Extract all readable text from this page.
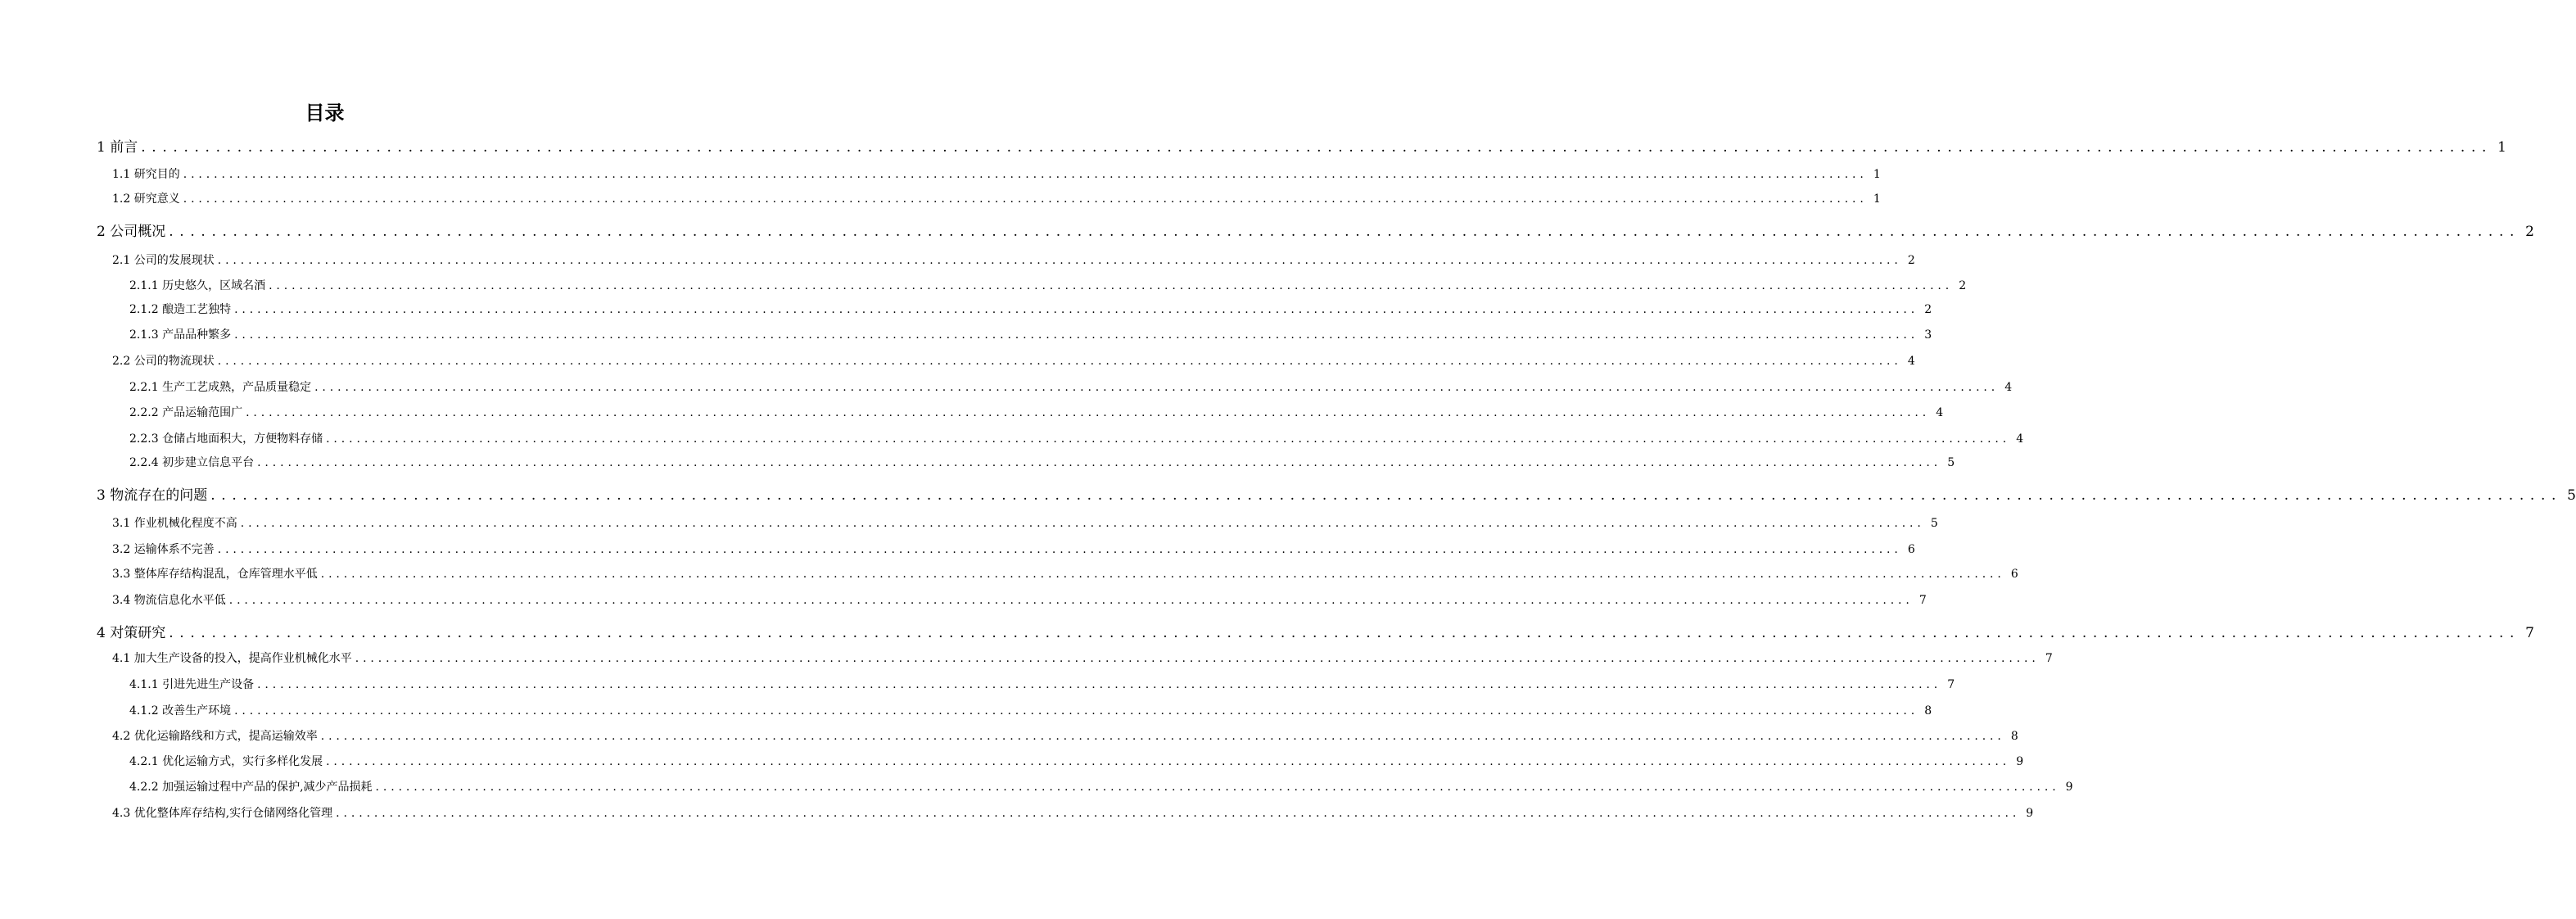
目录
1 前言 ............................................................................................................................................................................................................................ 1
1.1 研究目的 ............................................................................................................................................................................................................................ 1
1.2 研究意义 ............................................................................................................................................................................................................................ 1
2 公司概况 ............................................................................................................................................................................................................................ 2
2.1 公司的发展现状 ............................................................................................................................................................................................................................ 2
2.1.1 历史悠久，区域名酒 ............................................................................................................................................................................................................................ 2
2.1.2 酿造工艺独特 ............................................................................................................................................................................................................................ 2
2.1.3 产品品种繁多 ............................................................................................................................................................................................................................ 3
2.2 公司的物流现状 ............................................................................................................................................................................................................................ 4
2.2.1 生产工艺成熟，产品质量稳定 ............................................................................................................................................................................................................................ 4
2.2.2 产品运输范围广 ............................................................................................................................................................................................................................ 4
2.2.3 仓储占地面积大，方便物料存储 ............................................................................................................................................................................................................................ 4
2.2.4 初步建立信息平台 ............................................................................................................................................................................................................................ 5
3 物流存在的问题 ............................................................................................................................................................................................................................ 5
3.1 作业机械化程度不高 ............................................................................................................................................................................................................................ 5
3.2 运输体系不完善 ............................................................................................................................................................................................................................ 6
3.3 整体库存结构混乱，仓库管理水平低 ............................................................................................................................................................................................................................ 6
3.4 物流信息化水平低 ............................................................................................................................................................................................................................ 7
4 对策研究 ............................................................................................................................................................................................................................ 7
4.1 加大生产设备的投入，提高作业机械化水平 ............................................................................................................................................................................................................................ 7
4.1.1 引进先进生产设备 ............................................................................................................................................................................................................................ 7
4.1.2 改善生产环境 ............................................................................................................................................................................................................................ 8
4.2 优化运输路线和方式，提高运输效率 ............................................................................................................................................................................................................................ 8
4.2.1 优化运输方式，实行多样化发展 ............................................................................................................................................................................................................................ 9
4.2.2 加强运输过程中产品的保护,减少产品损耗 ............................................................................................................................................................................................................................ 9
4.3 优化整体库存结构,实行仓储网络化管理 ............................................................................................................................................................................................................................ 9
